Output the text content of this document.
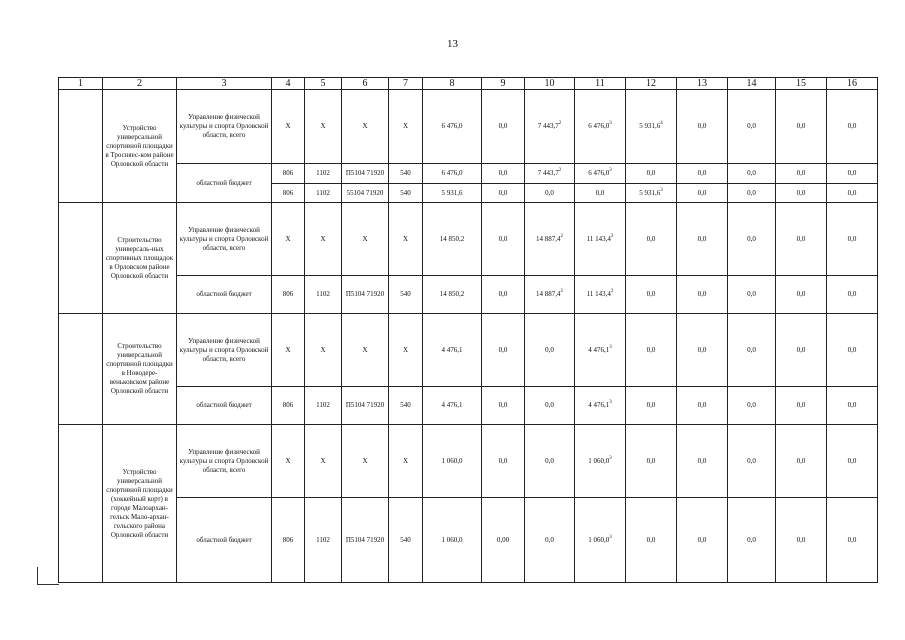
13
1	2	3	4	5	6	7	8	9	10	11	12	13	14	15	16
	Устройство универсальной спортивной площадки в Тросняес-ком районе Орловской области	Управление физической культуры и спорта Орловской области, всего	Х	Х	Х	Х	6 476,0	0,0	7 443,7$^2$	6 476,0$^3$	5 931,6$^4$	0,0	0,0	0,0	0,0
		областной бюджет	806	1102	П5104 71920	540	6 476,0	0,0	7 443,7$^2$	6 476,0$^3$	0,0	0,0	0,0	0,0	0,0
			806	1102	55104 71920	540	5 931,6	0,0	0,0	0,0	5 931,6$^3$	0,0	0,0	0,0	0,0
	Строительство универсаль-ных спортивных площадок в Орловском районе Орловской области	Управление физической культуры и спорта Орловской области, всего	Х	Х	Х	Х	14 850,2	0,0	14 887,4$^2$	11 143,4$^3$	0,0	0,0	0,0	0,0	0,0
		областной бюджет	806	1102	П5104 71920	540	14 850,2	0,0	14 887,4$^2$	11 143,4$^3$	0,0	0,0	0,0	0,0	0,0
	Строительство универсальной спортивной площадки в Новодере-веньковском районе Орловской области	Управление физической культуры и спорта Орловской области, всего	Х	Х	Х	Х	4 476,1	0,0	0,0	4 476,1$^3$	0,0	0,0	0,0	0,0	0,0
		областной бюджет	806	1102	П5104 71920	540	4 476,1	0,0	0,0	4 476,1$^3$	0,0	0,0	0,0	0,0	0,0
	Устройство универсальной спортивной площадки (хоккейный корт) в городе Малоархан-гельск Мало-архан-гельского района Орловской области	Управление физической культуры и спорта Орловской области, всего	Х	Х	Х	Х	1 060,0	0,0	0,0	1 060,0$^3$	0,0	0,0	0,0	0,0	0,0
		областной бюджет	806	1102	П5104 71920	540	1 060,0	0,00	0,0	1 060,0$^3$	0,0	0,0	0,0	0,0	0,0
